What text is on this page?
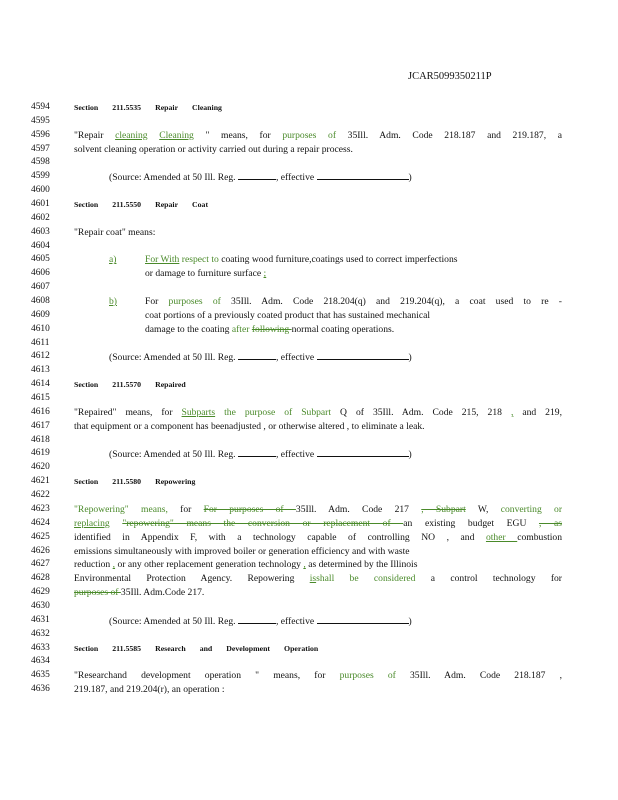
JCAR5099350211P
4594	Section 211.5535 Repair Cleaning
4595
4596	"Repair cleaning Cleaning " means, for purposes of 35Ill. Adm. Code 218.187 and 219.187, a
4597	solvent cleaning operation or activity carried out during a repair process.
4598
4599	(Source: Amended at 50 Ill. Reg.	, effective	)
4600
4601	Section 211.5550 Repair Coat
4602
4603	"Repair coat" means:
4604
4605	a)	For With respect to coating wood furniture,coatings used to correct imperfections
4606	or damage to furniture surface ;
4607
4608	b)	For purposes of 35Ill. Adm. Code 218.204(q) and 219.204(q), a coat used to re -
4609	coat portions of a previously coated product that has sustained mechanical
4610	damage to the coating after following normal coating operations.
4611
4612	(Source: Amended at 50 Ill. Reg.	, effective	)
4613
4614	Section 211.5570 Repaired
4615
4616	"Repaired" means, for Subparts the purpose of Subpart Q of 35Ill. Adm. Code 215, 218 , and 219,
4617	that equipment or a component has beenadjusted , or otherwise altered , to eliminate a leak.
4618
4619	(Source: Amended at 50 Ill. Reg.	, effective	)
4620
4621	Section 211.5580 Repowering
4622
4623	"Repowering" means, for For purposes of 35Ill. Adm. Code 217 , Subpart W, converting or
4624	replacing "repowering" means the conversion or replacement of an existing budget EGU , as
4625	identified in Appendix F, with a technology capable of controlling NO , and other combustion
4626	emissions simultaneously with improved boiler or generation efficiency and with waste
4627	reduction , or any other replacement generation technology , as determined by the Illinois
4628	Environmental Protection Agency. Repowering isshall be considered a control technology for
4629	purposes of 35Ill. Adm.Code 217.
4630
4631	(Source: Amended at 50 Ill. Reg.	, effective	)
4632
4633	Section 211.5585 Research and Development Operation
4634
4635	"Researchand development operation " means, for purposes of 35Ill. Adm. Code 218.187 ,
4636	219.187, and 219.204(r), an operation :
